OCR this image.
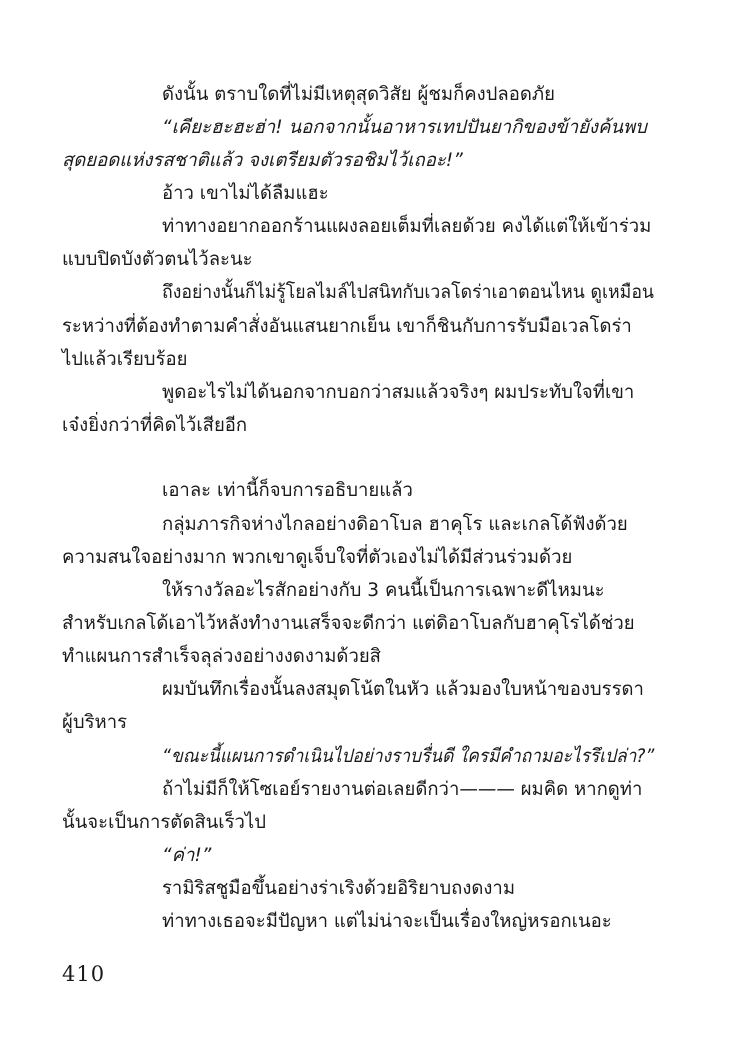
ดังนั้น ตราบใดที่ไม่มีเหตุสุดวิสัย ผู้ชมก็คงปลอดภัย
“เคียะฮะฮะฮ่า! นอกจากนั้นอาหารเทปปันยากิของข้ายังค้นพบ
สุดยอดแห่งรสชาติแล้ว จงเตรียมตัวรอชิมไว้เถอะ!”
อ้าว เขาไม่ได้ลืมแฮะ
ท่าทางอยากออกร้านแผงลอยเต็มที่เลยด้วย คงได้แต่ให้เข้าร่วม
แบบปิดบังตัวตนไว้ละนะ
ถึงอย่างนั้นก็ไม่รู้โยลไมล์ไปสนิทกับเวลโดร่าเอาตอนไหน ดูเหมือน
ระหว่างที่ต้องทำตามคำสั่งอันแสนยากเย็น เขาก็ชินกับการรับมือเวลโดร่า
ไปแล้วเรียบร้อย
พูดอะไรไม่ได้นอกจากบอกว่าสมแล้วจริงๆ ผมประทับใจที่เขา
เจ๋งยิ่งกว่าที่คิดไว้เสียอีก
เอาละ เท่านี้ก็จบการอธิบายแล้ว
กลุ่มภารกิจห่างไกลอย่างดิอาโบล ฮาคุโร และเกลโด้ฟังด้วย
ความสนใจอย่างมาก พวกเขาดูเจ็บใจที่ตัวเองไม่ได้มีส่วนร่วมด้วย
ให้รางวัลอะไรสักอย่างกับ 3 คนนี้เป็นการเฉพาะดีไหมนะ
สำหรับเกลโด้เอาไว้หลังทำงานเสร็จจะดีกว่า แต่ดิอาโบลกับฮาคุโรได้ช่วย
ทำแผนการสำเร็จลุล่วงอย่างงดงามด้วยสิ
ผมบันทึกเรื่องนั้นลงสมุดโน้ตในหัว แล้วมองใบหน้าของบรรดา
ผู้บริหาร
“ขณะนี้แผนการดำเนินไปอย่างราบรื่นดี ใครมีคำถามอะไรรึเปล่า?”
ถ้าไม่มีก็ให้โซเอย์รายงานต่อเลยดีกว่า——— ผมคิด หากดูท่า
นั้นจะเป็นการตัดสินเร็วไป
“ค่า!”
รามิริสชูมือขึ้นอย่างร่าเริงด้วยอิริยาบถงดงาม
ท่าทางเธอจะมีปัญหา แต่ไม่น่าจะเป็นเรื่องใหญ่หรอกเนอะ
410
